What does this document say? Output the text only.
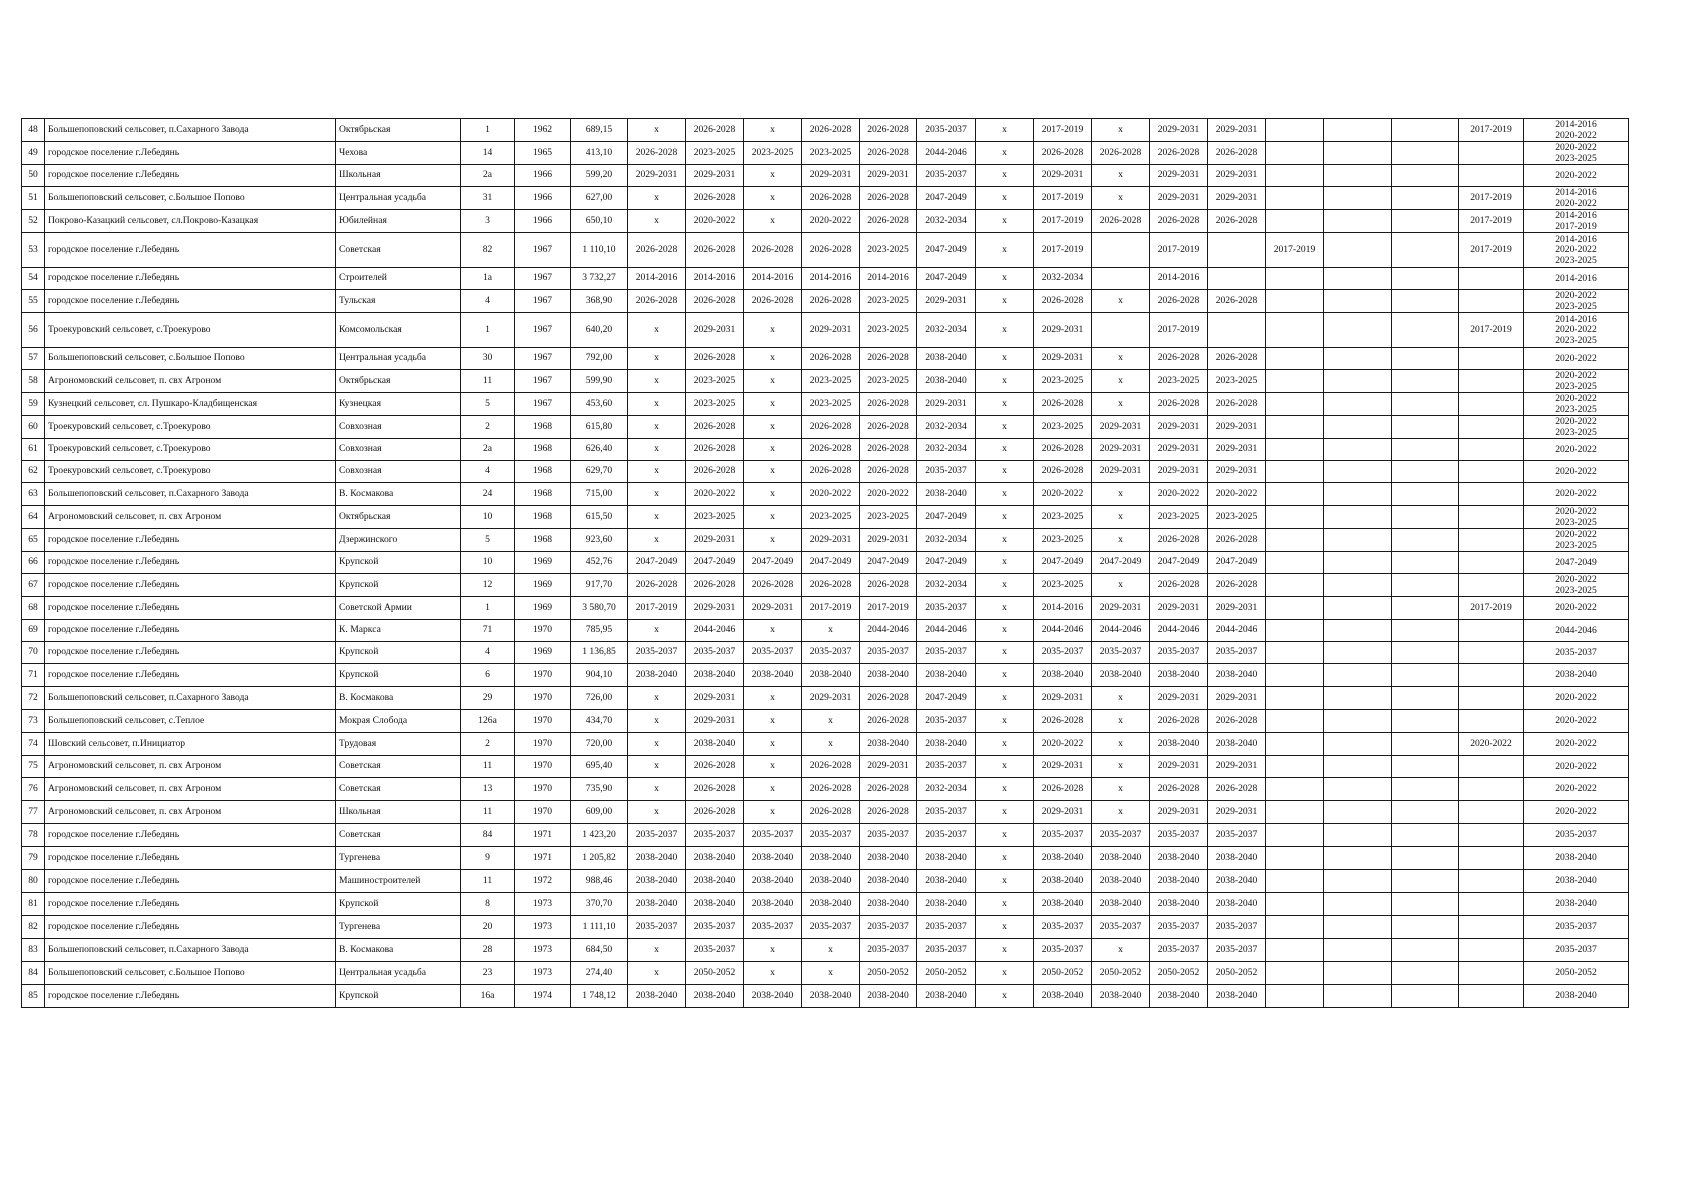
48	Большепоповский сельсовет, п.Сахарного Завода	Октябрьская	1	1962	689,15	x	2026-2028	x	2026-2028	2026-2028	2035-2037	x	2017-2019	x	2029-2031	2029-2031				2017-2019	2014-2016
2020-2022
49	городское поселение г.Лебедянь	Чехова	14	1965	413,10	2026-2028	2023-2025	2023-2025	2023-2025	2026-2028	2044-2046	x	2026-2028	2026-2028	2026-2028	2026-2028					2020-2022
2023-2025
50	городское поселение г.Лебедянь	Школьная	2а	1966	599,20	2029-2031	2029-2031	x	2029-2031	2029-2031	2035-2037	x	2029-2031	x	2029-2031	2029-2031					2020-2022
51	Большепоповский сельсовет, с.Большое Попово	Центральная усадьба	31	1966	627,00	x	2026-2028	x	2026-2028	2026-2028	2047-2049	x	2017-2019	x	2029-2031	2029-2031				2017-2019	2014-2016
2020-2022
52	Покрово-Казацкий сельсовет, сл.Покрово-Казацкая	Юбилейная	3	1966	650,10	x	2020-2022	x	2020-2022	2026-2028	2032-2034	x	2017-2019	2026-2028	2026-2028	2026-2028				2017-2019	2014-2016
2017-2019
53	городское поселение г.Лебедянь	Советская	82	1967	1 110,10	2026-2028	2026-2028	2026-2028	2026-2028	2023-2025	2047-2049	x	2017-2019		2017-2019		2017-2019			2017-2019	2014-2016
2020-2022
2023-2025
54	городское поселение г.Лебедянь	Строителей	1а	1967	3 732,27	2014-2016	2014-2016	2014-2016	2014-2016	2014-2016	2047-2049	x	2032-2034		2014-2016						2014-2016
55	городское поселение г.Лебедянь	Тульская	4	1967	368,90	2026-2028	2026-2028	2026-2028	2026-2028	2023-2025	2029-2031	x	2026-2028	x	2026-2028	2026-2028					2020-2022
2023-2025
56	Троекуровский сельсовет, с.Троекурово	Комсомольская	1	1967	640,20	x	2029-2031	x	2029-2031	2023-2025	2032-2034	x	2029-2031		2017-2019					2017-2019	2014-2016
2020-2022
2023-2025
57	Большепоповский сельсовет, с.Большое Попово	Центральная усадьба	30	1967	792,00	x	2026-2028	x	2026-2028	2026-2028	2038-2040	x	2029-2031	x	2026-2028	2026-2028					2020-2022
58	Агрономовский сельсовет, п. свх Агроном	Октябрьская	11	1967	599,90	x	2023-2025	x	2023-2025	2023-2025	2038-2040	x	2023-2025	x	2023-2025	2023-2025					2020-2022
2023-2025
59	Кузнецкий сельсовет, сл. Пушкаро-Кладбищенская	Кузнецкая	5	1967	453,60	x	2023-2025	x	2023-2025	2026-2028	2029-2031	x	2026-2028	x	2026-2028	2026-2028					2020-2022
2023-2025
60	Троекуровский сельсовет, с.Троекурово	Совхозная	2	1968	615,80	x	2026-2028	x	2026-2028	2026-2028	2032-2034	x	2023-2025	2029-2031	2029-2031	2029-2031					2020-2022
2023-2025
61	Троекуровский сельсовет, с.Троекурово	Совхозная	2а	1968	626,40	x	2026-2028	x	2026-2028	2026-2028	2032-2034	x	2026-2028	2029-2031	2029-2031	2029-2031					2020-2022
62	Троекуровский сельсовет, с.Троекурово	Совхозная	4	1968	629,70	x	2026-2028	x	2026-2028	2026-2028	2035-2037	x	2026-2028	2029-2031	2029-2031	2029-2031					2020-2022
63	Большепоповский сельсовет, п.Сахарного Завода	В. Космакова	24	1968	715,00	x	2020-2022	x	2020-2022	2020-2022	2038-2040	x	2020-2022	x	2020-2022	2020-2022					2020-2022
64	Агрономовский сельсовет, п. свх Агроном	Октябрьская	10	1968	615,50	x	2023-2025	x	2023-2025	2023-2025	2047-2049	x	2023-2025	x	2023-2025	2023-2025					2020-2022
2023-2025
65	городское поселение г.Лебедянь	Дзержинского	5	1968	923,60	x	2029-2031	x	2029-2031	2029-2031	2032-2034	x	2023-2025	x	2026-2028	2026-2028					2020-2022
2023-2025
66	городское поселение г.Лебедянь	Крупской	10	1969	452,76	2047-2049	2047-2049	2047-2049	2047-2049	2047-2049	2047-2049	x	2047-2049	2047-2049	2047-2049	2047-2049					2047-2049
67	городское поселение г.Лебедянь	Крупской	12	1969	917,70	2026-2028	2026-2028	2026-2028	2026-2028	2026-2028	2032-2034	x	2023-2025	x	2026-2028	2026-2028					2020-2022
2023-2025
68	городское поселение г.Лебедянь	Советской Армии	1	1969	3 580,70	2017-2019	2029-2031	2029-2031	2017-2019	2017-2019	2035-2037	x	2014-2016	2029-2031	2029-2031	2029-2031				2017-2019	2020-2022
69	городское поселение г.Лебедянь	К. Маркса	71	1970	785,95	x	2044-2046	x	x	2044-2046	2044-2046	x	2044-2046	2044-2046	2044-2046	2044-2046					2044-2046
70	городское поселение г.Лебедянь	Крупской	4	1969	1 136,85	2035-2037	2035-2037	2035-2037	2035-2037	2035-2037	2035-2037	x	2035-2037	2035-2037	2035-2037	2035-2037					2035-2037
71	городское поселение г.Лебедянь	Крупской	6	1970	904,10	2038-2040	2038-2040	2038-2040	2038-2040	2038-2040	2038-2040	x	2038-2040	2038-2040	2038-2040	2038-2040					2038-2040
72	Большепоповский сельсовет, п.Сахарного Завода	В. Космакова	29	1970	726,00	x	2029-2031	x	2029-2031	2026-2028	2047-2049	x	2029-2031	x	2029-2031	2029-2031					2020-2022
73	Большепоповский сельсовет, с.Теплое	Мокрая Слобода	126а	1970	434,70	x	2029-2031	x	x	2026-2028	2035-2037	x	2026-2028	x	2026-2028	2026-2028					2020-2022
74	Шовский сельсовет, п.Инициатор	Трудовая	2	1970	720,00	x	2038-2040	x	x	2038-2040	2038-2040	x	2020-2022	x	2038-2040	2038-2040				2020-2022	2020-2022
75	Агрономовский сельсовет, п. свх Агроном	Советская	11	1970	695,40	x	2026-2028	x	2026-2028	2029-2031	2035-2037	x	2029-2031	x	2029-2031	2029-2031					2020-2022
76	Агрономовский сельсовет, п. свх Агроном	Советская	13	1970	735,90	x	2026-2028	x	2026-2028	2026-2028	2032-2034	x	2026-2028	x	2026-2028	2026-2028					2020-2022
77	Агрономовский сельсовет, п. свх Агроном	Школьная	11	1970	609,00	x	2026-2028	x	2026-2028	2026-2028	2035-2037	x	2029-2031	x	2029-2031	2029-2031					2020-2022
78	городское поселение г.Лебедянь	Советская	84	1971	1 423,20	2035-2037	2035-2037	2035-2037	2035-2037	2035-2037	2035-2037	x	2035-2037	2035-2037	2035-2037	2035-2037					2035-2037
79	городское поселение г.Лебедянь	Тургенева	9	1971	1 205,82	2038-2040	2038-2040	2038-2040	2038-2040	2038-2040	2038-2040	x	2038-2040	2038-2040	2038-2040	2038-2040					2038-2040
80	городское поселение г.Лебедянь	Машиностроителей	11	1972	988,46	2038-2040	2038-2040	2038-2040	2038-2040	2038-2040	2038-2040	x	2038-2040	2038-2040	2038-2040	2038-2040					2038-2040
81	городское поселение г.Лебедянь	Крупской	8	1973	370,70	2038-2040	2038-2040	2038-2040	2038-2040	2038-2040	2038-2040	x	2038-2040	2038-2040	2038-2040	2038-2040					2038-2040
82	городское поселение г.Лебедянь	Тургенева	20	1973	1 111,10	2035-2037	2035-2037	2035-2037	2035-2037	2035-2037	2035-2037	x	2035-2037	2035-2037	2035-2037	2035-2037					2035-2037
83	Большепоповский сельсовет, п.Сахарного Завода	В. Космакова	28	1973	684,50	x	2035-2037	x	x	2035-2037	2035-2037	x	2035-2037	x	2035-2037	2035-2037					2035-2037
84	Большепоповский сельсовет, с.Большое Попово	Центральная усадьба	23	1973	274,40	x	2050-2052	x	x	2050-2052	2050-2052	x	2050-2052	2050-2052	2050-2052	2050-2052					2050-2052
85	городское поселение г.Лебедянь	Крупской	16а	1974	1 748,12	2038-2040	2038-2040	2038-2040	2038-2040	2038-2040	2038-2040	x	2038-2040	2038-2040	2038-2040	2038-2040					2038-2040
